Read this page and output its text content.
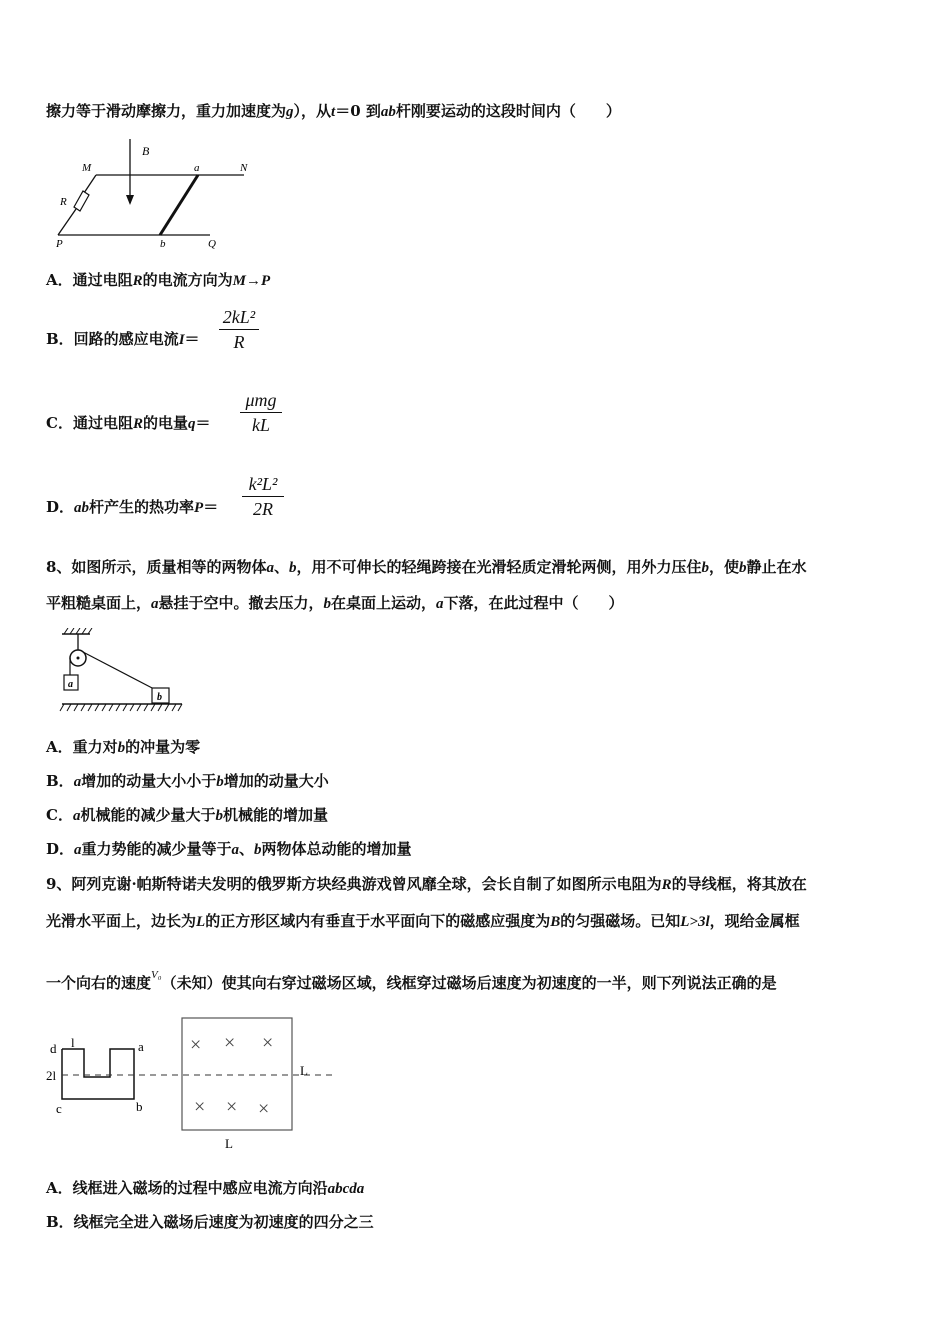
擦力等于滑动摩擦力，重力加速度为g），从t＝0 到ab杆刚要运动的这段时间内（　　）
B
M	N
a
R
P	b	Q
A．通过电阻R的电流方向为M→P
B．回路的感应电流I＝
2kL²
R
C．通过电阻R的电量q＝
μmg
kL
D．ab杆产生的热功率P＝
k²L²
2R
8、如图所示，质量相等的两物体a、b，用不可伸长的轻绳跨接在光滑轻质定滑轮两侧，用外力压住b，使b静止在水
平粗糙桌面上，a悬挂于空中。撤去压力，b在桌面上运动，a下落，在此过程中（　　）
a
b
A．重力对b的冲量为零
B．a增加的动量大小小于b增加的动量大小
C．a机械能的减少量大于b机械能的增加量
D．a重力势能的减少量等于a、b两物体总动能的增加量
9、阿列克谢·帕斯特诺夫发明的俄罗斯方块经典游戏曾风靡全球，会长自制了如图所示电阻为R的导线框，将其放在
光滑水平面上，边长为L的正方形区域内有垂直于水平面向下的磁感应强度为B的匀强磁场。已知L>3l，现给金属框
一个向右的速度$^{V_0}$（未知）使其向右穿过磁场区域，线框穿过磁场后速度为初速度的一半，则下列说法正确的是
d l	a
2l
c	b
L
L
× × ×
× × ×
A．线框进入磁场的过程中感应电流方向沿abcda
B．线框完全进入磁场后速度为初速度的四分之三
